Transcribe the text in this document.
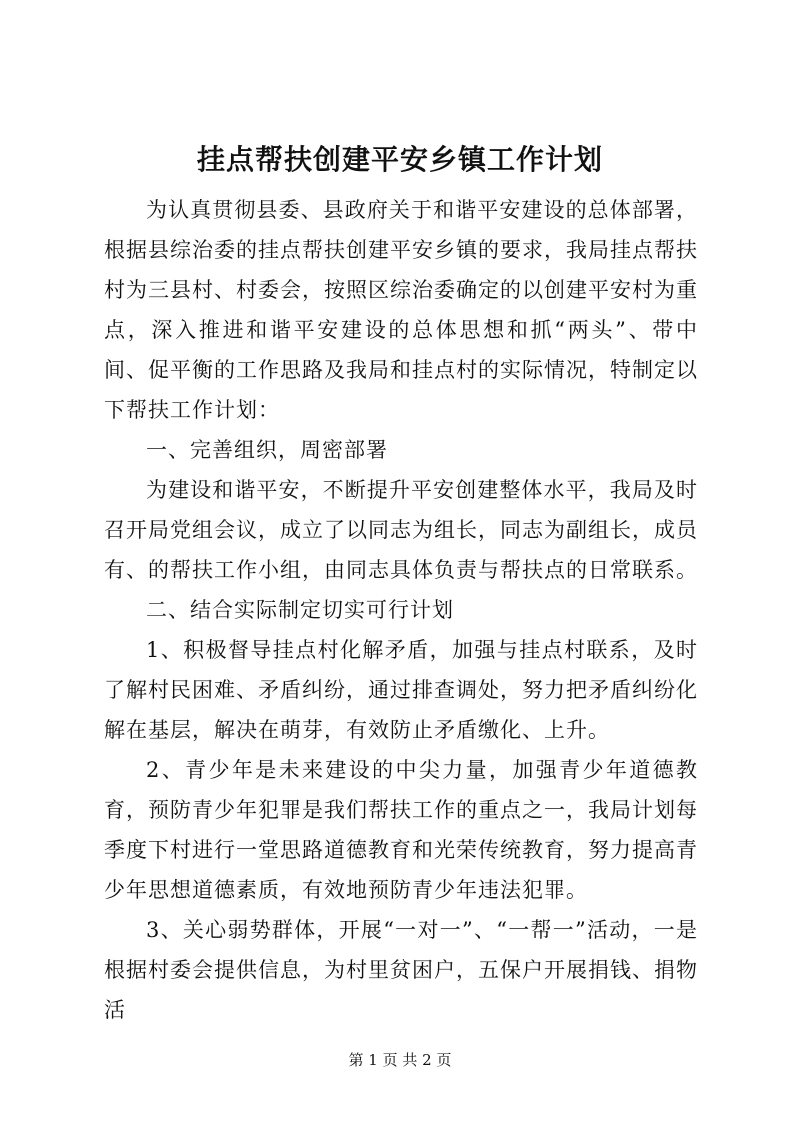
挂点帮扶创建平安乡镇工作计划

为认真贯彻县委、县政府关于和谐平安建设的总体部署，根据县综治委的挂点帮扶创建平安乡镇的要求，我局挂点帮扶村为三县村、村委会，按照区综治委确定的以创建平安村为重点，深入推进和谐平安建设的总体思想和抓“两头”、带中间、促平衡的工作思路及我局和挂点村的实际情况，特制定以下帮扶工作计划：

一、完善组织，周密部署

为建设和谐平安，不断提升平安创建整体水平，我局及时召开局党组会议，成立了以同志为组长，同志为副组长，成员有、的帮扶工作小组，由同志具体负责与帮扶点的日常联系。

二、结合实际制定切实可行计划

1、积极督导挂点村化解矛盾，加强与挂点村联系，及时了解村民困难、矛盾纠纷，通过排查调处，努力把矛盾纠纷化解在基层，解决在萌芽，有效防止矛盾缴化、上升。

2、青少年是未来建设的中尖力量，加强青少年道德教育，预防青少年犯罪是我们帮扶工作的重点之一，我局计划每季度下村进行一堂思路道德教育和光荣传统教育，努力提高青少年思想道德素质，有效地预防青少年违法犯罪。

3、关心弱势群体，开展“一对一”、“一帮一”活动，一是根据村委会提供信息，为村里贫困户，五保户开展捐钱、捐物活

第 1 页 共 2 页
